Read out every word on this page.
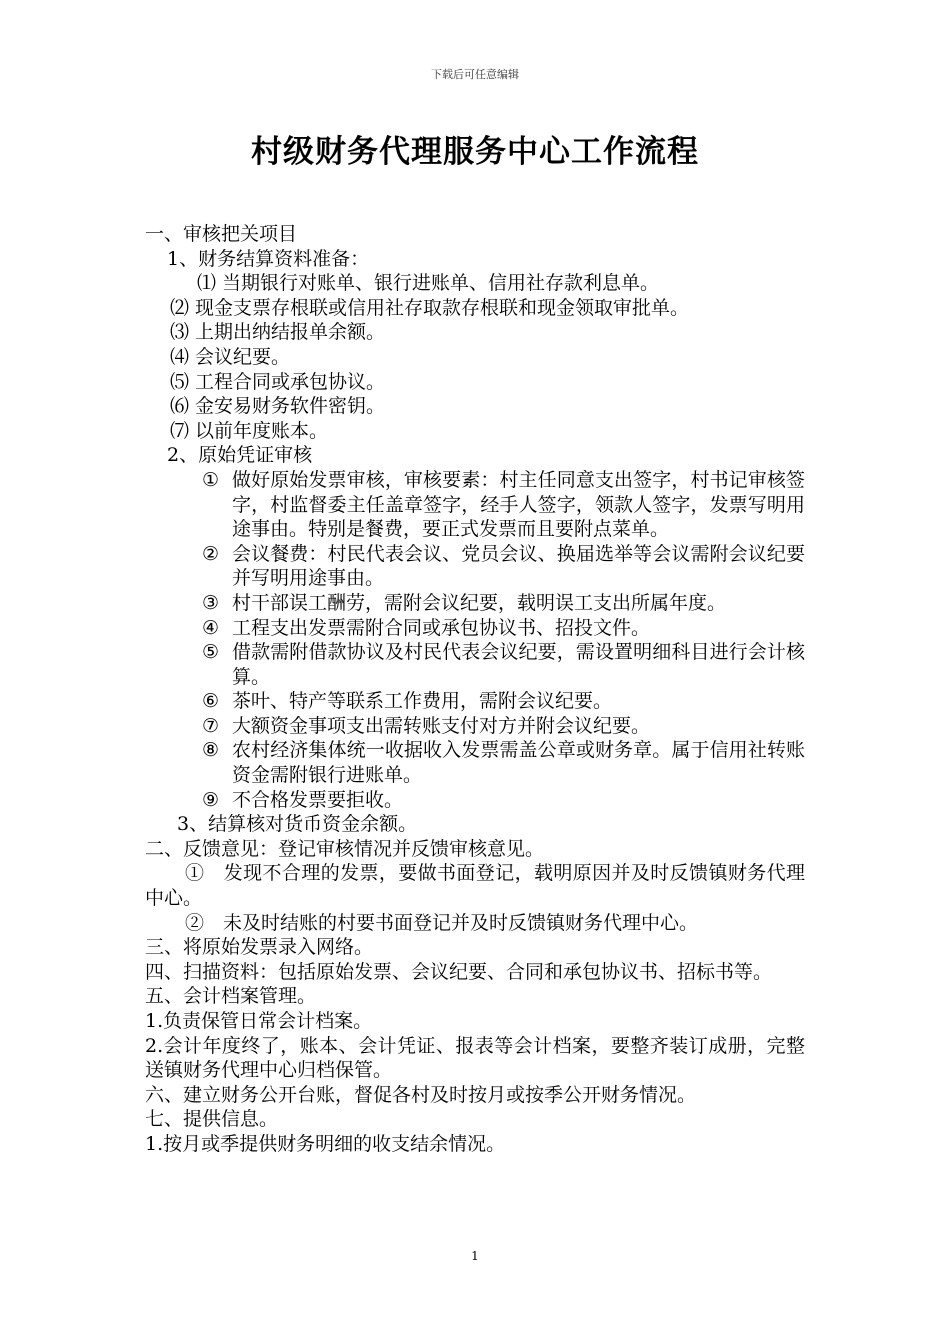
下载后可任意编辑
村级财务代理服务中心工作流程
一、审核把关项目
1、财务结算资料准备：
⑴ 当期银行对账单、银行进账单、信用社存款利息单。
⑵ 现金支票存根联或信用社存取款存根联和现金领取审批单。
⑶ 上期出纳结报单余额。
⑷ 会议纪要。
⑸ 工程合同或承包协议。
⑹ 金安易财务软件密钥。
⑺ 以前年度账本。
2、原始凭证审核
① 做好原始发票审核，审核要素：村主任同意支出签字，村书记审核签字，村监督委主任盖章签字，经手人签字，领款人签字，发票写明用途事由。特别是餐费，要正式发票而且要附点菜单。
② 会议餐费：村民代表会议、党员会议、换届选举等会议需附会议纪要并写明用途事由。
③ 村干部误工酬劳，需附会议纪要，载明误工支出所属年度。
④ 工程支出发票需附合同或承包协议书、招投文件。
⑤ 借款需附借款协议及村民代表会议纪要，需设置明细科目进行会计核算。
⑥ 茶叶、特产等联系工作费用，需附会议纪要。
⑦ 大额资金事项支出需转账支付对方并附会议纪要。
⑧ 农村经济集体统一收据收入发票需盖公章或财务章。属于信用社转账资金需附银行进账单。
⑨ 不合格发票要拒收。
3、结算核对货币资金余额。
二、反馈意见：登记审核情况并反馈审核意见。
①　发现不合理的发票，要做书面登记，载明原因并及时反馈镇财务代理中心。
②　未及时结账的村要书面登记并及时反馈镇财务代理中心。
三、将原始发票录入网络。
四、扫描资料：包括原始发票、会议纪要、合同和承包协议书、招标书等。
五、会计档案管理。
1.负责保管日常会计档案。
2.会计年度终了，账本、会计凭证、报表等会计档案，要整齐装订成册，完整送镇财务代理中心归档保管。
六、建立财务公开台账，督促各村及时按月或按季公开财务情况。
七、提供信息。
1.按月或季提供财务明细的收支结余情况。
1
